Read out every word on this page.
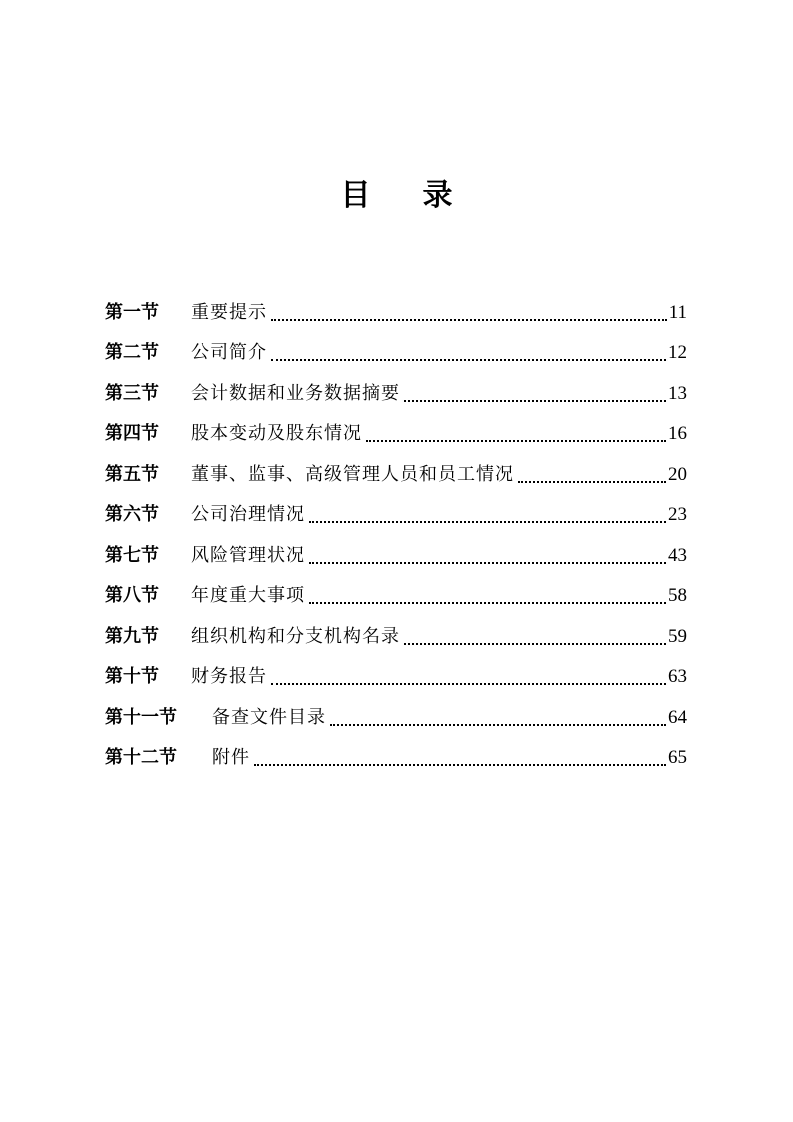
目录
第一节	重要提示	11
第二节	公司简介	12
第三节	会计数据和业务数据摘要	13
第四节	股本变动及股东情况	16
第五节	董事、监事、高级管理人员和员工情况	20
第六节	公司治理情况	23
第七节	风险管理状况	43
第八节	年度重大事项	58
第九节	组织机构和分支机构名录	59
第十节	财务报告	63
第十一节	备查文件目录	64
第十二节	附件	65
